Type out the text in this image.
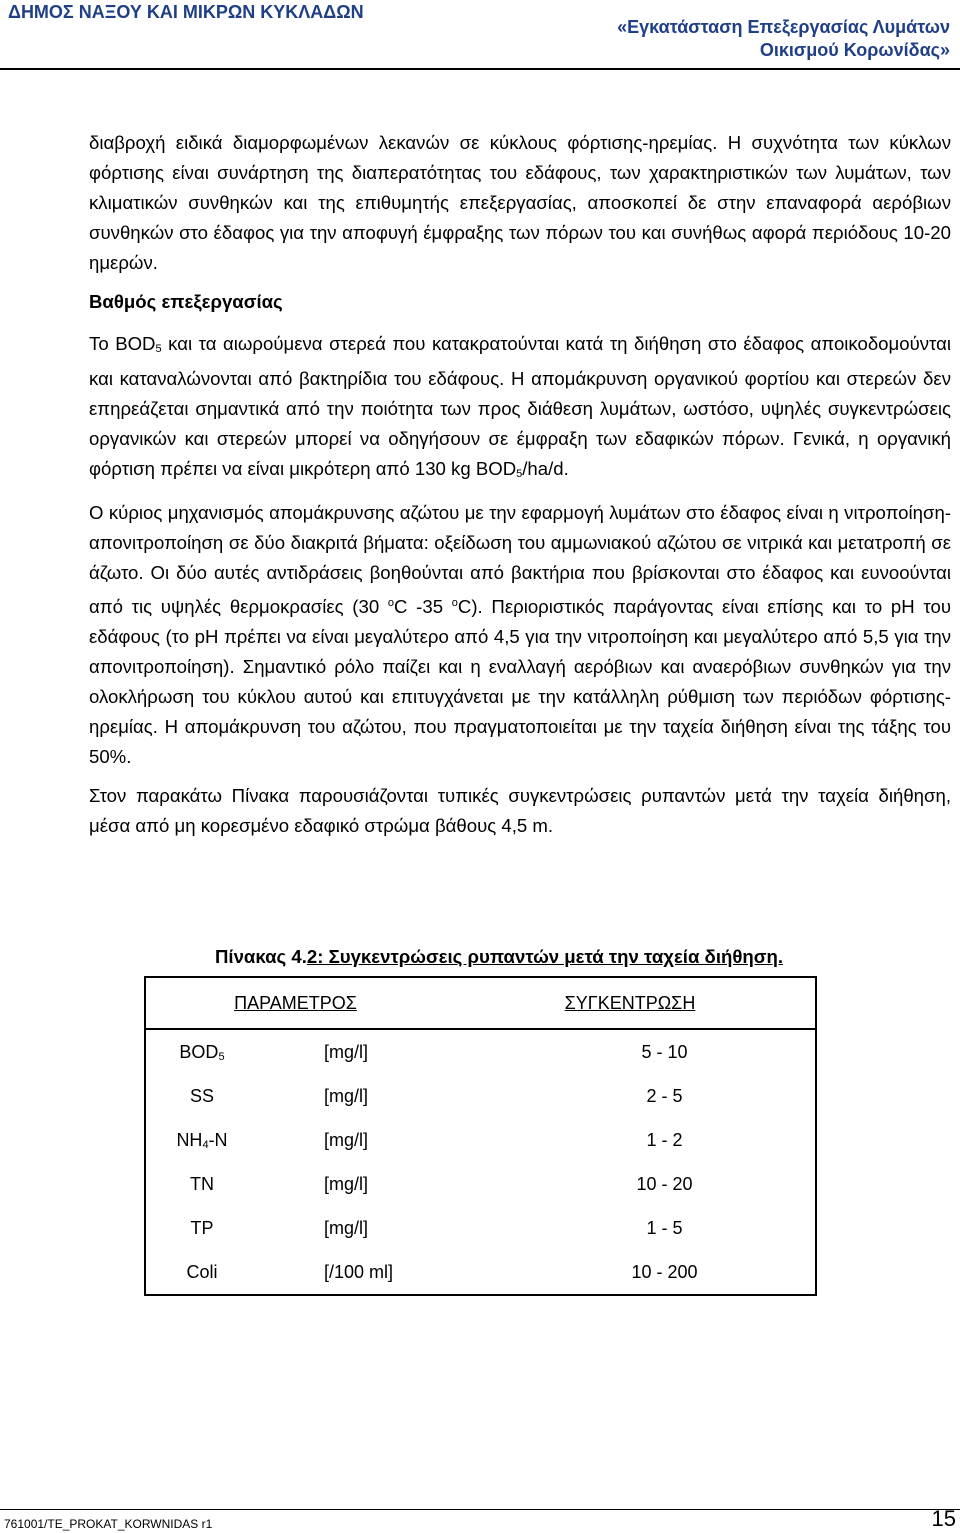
ΔΗΜΟΣ ΝΑΞΟΥ ΚΑΙ ΜΙΚΡΩΝ ΚΥΚΛΑΔΩΝ
«Εγκατάσταση Επεξεργασίας Λυμάτων
Οικισμού Κορωνίδας»

διαβροχή ειδικά διαμορφωμένων λεκανών σε κύκλους φόρτισης-ηρεμίας. Η συχνότητα των κύκλων φόρτισης είναι συνάρτηση της διαπερατότητας του εδάφους, των χαρακτηριστικών των λυμάτων, των κλιματικών συνθηκών και της επιθυμητής επεξεργασίας, αποσκοπεί δε στην επαναφορά αερόβιων συνθηκών στο έδαφος για την αποφυγή έμφραξης των πόρων του και συνήθως αφορά περιόδους 10-20 ημερών.

Βαθμός επεξεργασίας

Το $BOD_5$ και τα αιωρούμενα στερεά που κατακρατούνται κατά τη διήθηση στο έδαφος αποικοδομούνται και καταναλώνονται από βακτηρίδια του εδάφους. Η απομάκρυνση οργανικού φορτίου και στερεών δεν επηρεάζεται σημαντικά από την ποιότητα των προς διάθεση λυμάτων, ωστόσο, υψηλές συγκεντρώσεις οργανικών και στερεών μπορεί να οδηγήσουν σε έμφραξη των εδαφικών πόρων. Γενικά, η οργανική φόρτιση πρέπει να είναι μικρότερη από 130 kg $BOD_5/ha/d$.

Ο κύριος μηχανισμός απομάκρυνσης αζώτου με την εφαρμογή λυμάτων στο έδαφος είναι η νιτροποίηση-απονιτροποίηση σε δύο διακριτά βήματα: οξείδωση του αμμωνιακού αζώτου σε νιτρικά και μετατροπή σε άζωτο. Οι δύο αυτές αντιδράσεις βοηθούνται από βακτήρια που βρίσκονται στο έδαφος και ευνοούνται από τις υψηλές θερμοκρασίες (30 $^o$C -35 $^o$C). Περιοριστικός παράγοντας είναι επίσης και το pH του εδάφους (το pH πρέπει να είναι μεγαλύτερο από 4,5 για την νιτροποίηση και μεγαλύτερο από 5,5 για την απονιτροποίηση). Σημαντικό ρόλο παίζει και η εναλλαγή αερόβιων και αναερόβιων συνθηκών για την ολοκλήρωση του κύκλου αυτού και επιτυγχάνεται με την κατάλληλη ρύθμιση των περιόδων φόρτισης-ηρεμίας. Η απομάκρυνση του αζώτου, που πραγματοποιείται με την ταχεία διήθηση είναι της τάξης του 50%.

Στον παρακάτω Πίνακα παρουσιάζονται τυπικές συγκεντρώσεις ρυπαντών μετά την ταχεία διήθηση, μέσα από μη κορεσμένο εδαφικό στρώμα βάθους 4,5 m.

Πίνακας 4.2: Συγκεντρώσεις ρυπαντών μετά την ταχεία διήθηση.
ΠΑΡΑΜΕΤΡΟΣ		ΣΥΓΚΕΝΤΡΩΣΗ
$BOD_5$	[mg/l]	5 - 10
SS	[mg/l]	2 - 5
$NH_4-N$	[mg/l]	1 - 2
TN	[mg/l]	10 - 20
TP	[mg/l]	1 - 5
Coli	[/100 ml]	10 - 200
761001/TE_PROKAT_KORWNIDAS r1	15
